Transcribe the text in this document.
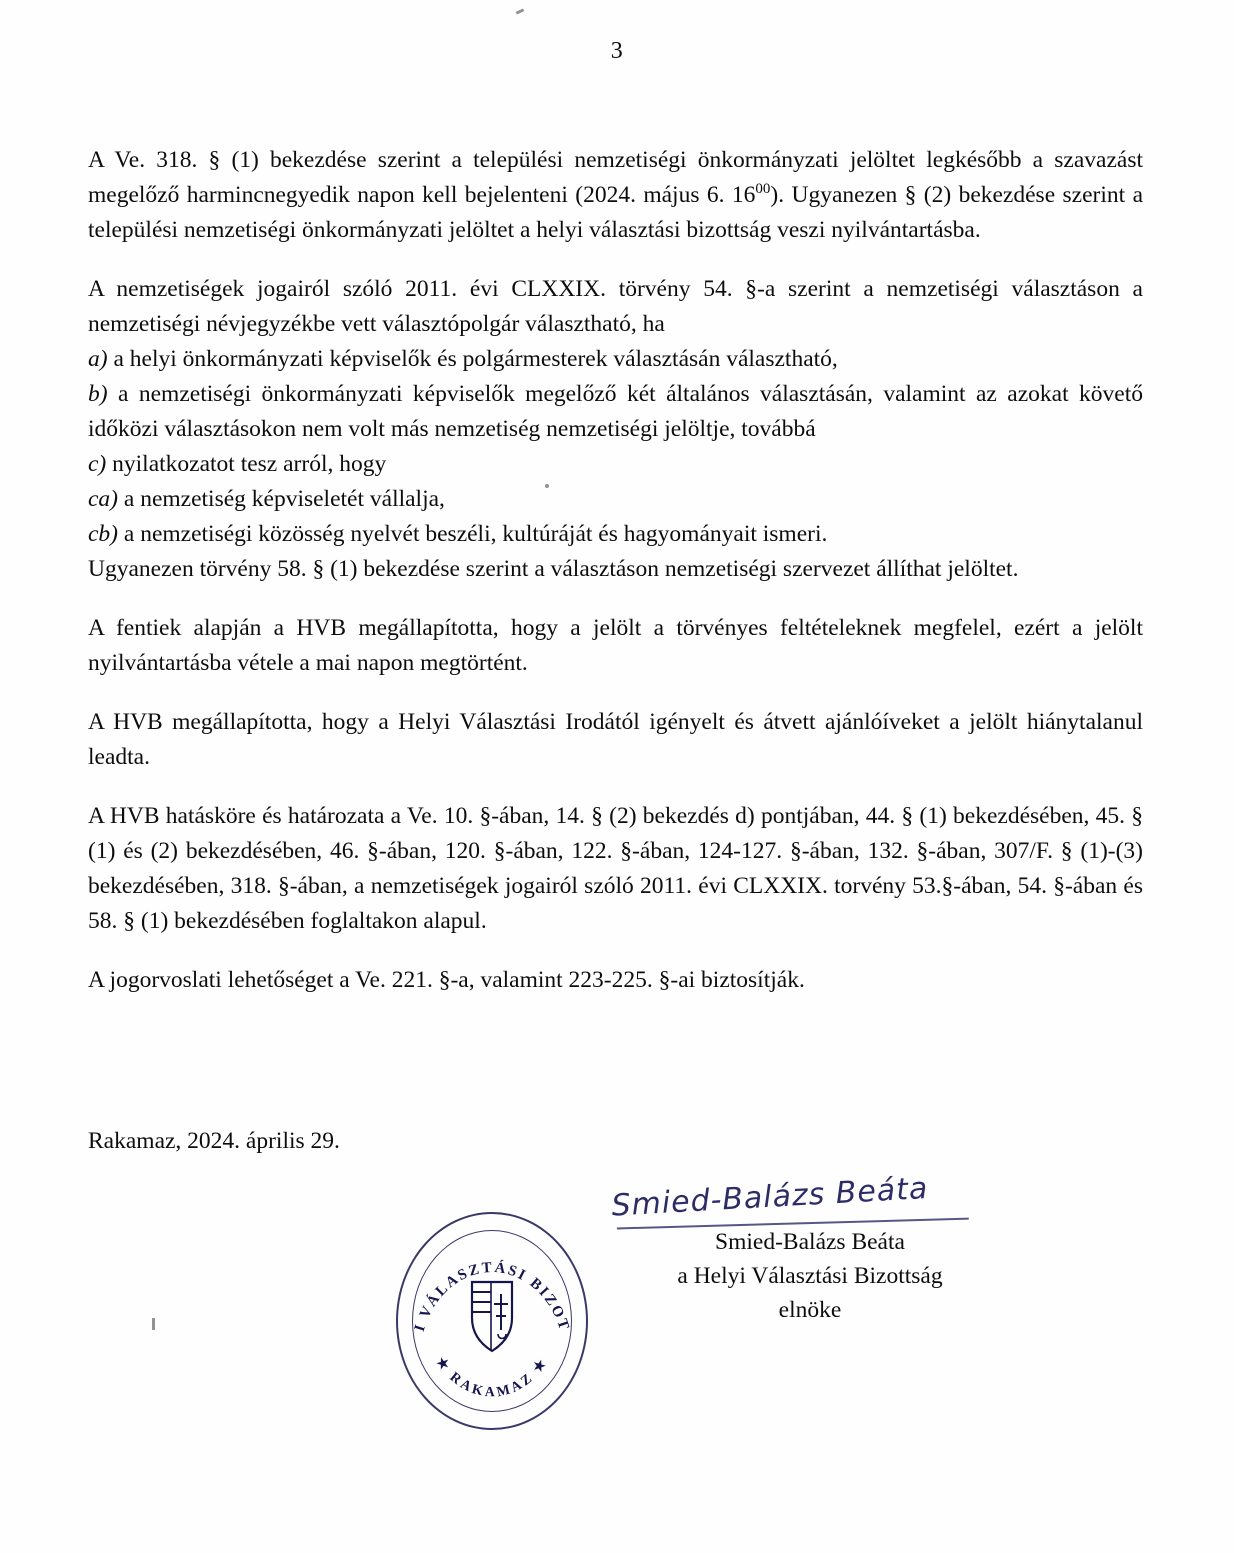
3

A Ve. 318. § (1) bekezdése szerint a települési nemzetiségi önkormányzati jelöltet legkésőbb a szavazást megelőző harmincnegyedik napon kell bejelenteni (2024. május 6. $16^{00}$). Ugyanezen § (2) bekezdése szerint a települési nemzetiségi önkormányzati jelöltet a helyi választási bizottság veszi nyilvántartásba.

A nemzetiségek jogairól szóló 2011. évi CLXXIX. törvény 54. §-a szerint a nemzetiségi választáson a nemzetiségi névjegyzékbe vett választópolgár választható, ha

a) a helyi önkormányzati képviselők és polgármesterek választásán választható,

b) a nemzetiségi önkormányzati képviselők megelőző két általános választásán, valamint az azokat követő időközi választásokon nem volt más nemzetiség nemzetiségi jelöltje, továbbá

c) nyilatkozatot tesz arról, hogy

ca) a nemzetiség képviseletét vállalja,

cb) a nemzetiségi közösség nyelvét beszéli, kultúráját és hagyományait ismeri.

Ugyanezen törvény 58. § (1) bekezdése szerint a választáson nemzetiségi szervezet állíthat jelöltet.

A fentiek alapján a HVB megállapította, hogy a jelölt a törvényes feltételeknek megfelel, ezért a jelölt nyilvántartásba vétele a mai napon megtörtént.

A HVB megállapította, hogy a Helyi Választási Irodától igényelt és átvett ajánlóíveket a jelölt hiánytalanul leadta.

A HVB hatásköre és határozata a Ve. 10. §-ában, 14. § (2) bekezdés d) pontjában, 44. § (1) bekezdésében, 45. § (1) és (2) bekezdésében, 46. §-ában, 120. §-ában, 122. §-ában, 124-127. §-ában, 132. §-ában, 307/F. § (1)-(3) bekezdésében, 318. §-ában, a nemzetiségek jogairól szóló 2011. évi CLXXIX. torvény 53.§-ában, 54. §-ában és 58. § (1) bekezdésében foglaltakon alapul.

A jogorvoslati lehetőséget a Ve. 221. §-a, valamint 223-225. §-ai biztosítják.

Rakamaz, 2024. április 29.
Smied-Balázs Beáta
Smied-Balázs Beáta
a Helyi Választási Bizottság
elnöke
HELYI VÁLASZTÁSI BIZOTTSÁG
★ RAKAMAZ ★
